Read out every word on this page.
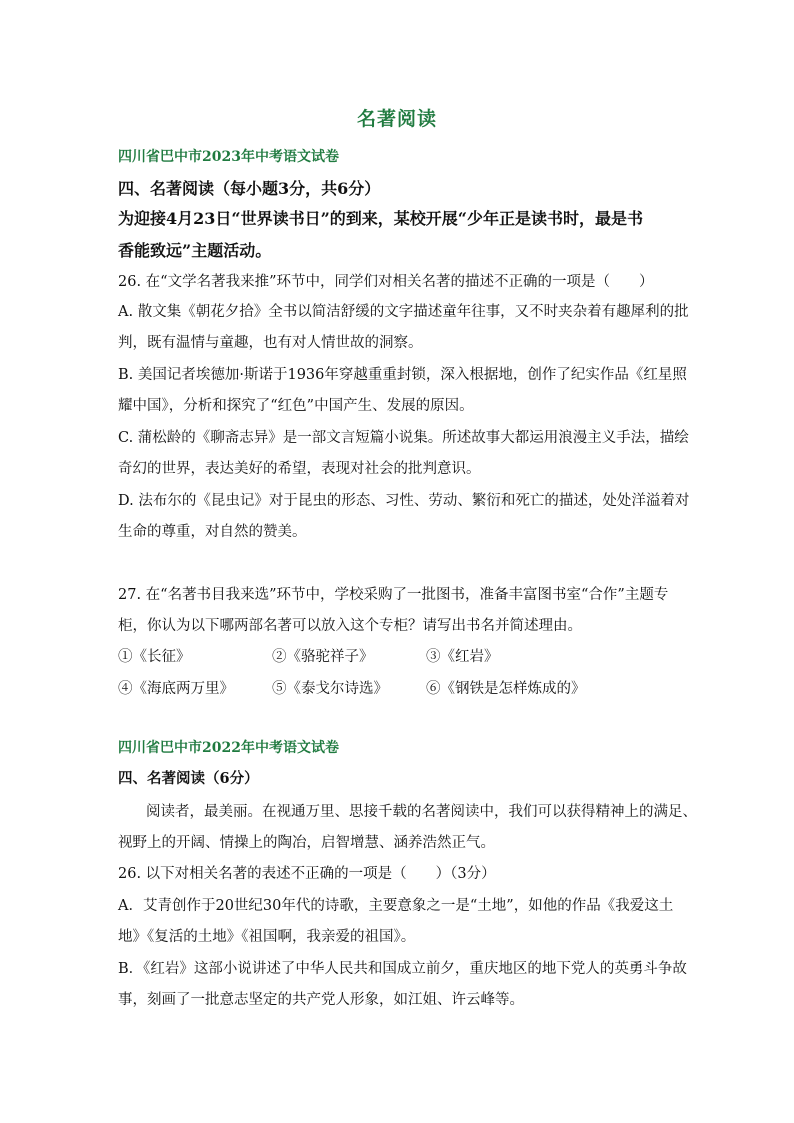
名著阅读
四川省巴中市2023年中考语文试卷
四、名著阅读（每小题3分，共6分）
为迎接4月23日“世界读书日”的到来，某校开展“少年正是读书时，最是书
香能致远”主题活动。
26. 在“文学名著我来推”环节中，同学们对相关名著的描述不正确的一项是（　　）
A. 散文集《朝花夕拾》全书以简洁舒缓的文字描述童年往事，又不时夹杂着有趣犀利的批
判，既有温情与童趣，也有对人情世故的洞察。
B. 美国记者埃德加·斯诺于1936年穿越重重封锁，深入根据地，创作了纪实作品《红星照
耀中国》，分析和探究了“红色”中国产生、发展的原因。
C. 蒲松龄的《聊斋志异》是一部文言短篇小说集。所述故事大都运用浪漫主义手法，描绘
奇幻的世界，表达美好的希望，表现对社会的批判意识。
D. 法布尔的《昆虫记》对于昆虫的形态、习性、劳动、繁衍和死亡的描述，处处洋溢着对
生命的尊重，对自然的赞美。
27. 在“名著书目我来选”环节中，学校采购了一批图书，准备丰富图书室“合作”主题专
柜，你认为以下哪两部名著可以放入这个专柜？请写出书名并简述理由。
①《长征》	②《骆驼祥子》	③《红岩》
④《海底两万里》	⑤《泰戈尔诗选》	⑥《钢铁是怎样炼成的》
四川省巴中市2022年中考语文试卷
四、名著阅读（6分）
阅读者，最美丽。在视通万里、思接千载的名著阅读中，我们可以获得精神上的满足、
视野上的开阔、情操上的陶冶，启智增慧、涵养浩然正气。
26. 以下对相关名著的表述不正确的一项是（　　）（3分）
A．艾青创作于20世纪30年代的诗歌，主要意象之一是“土地”，如他的作品《我爱这土
地》《复活的土地》《祖国啊，我亲爱的祖国》。
B．《红岩》这部小说讲述了中华人民共和国成立前夕，重庆地区的地下党人的英勇斗争故
事，刻画了一批意志坚定的共产党人形象，如江姐、许云峰等。
